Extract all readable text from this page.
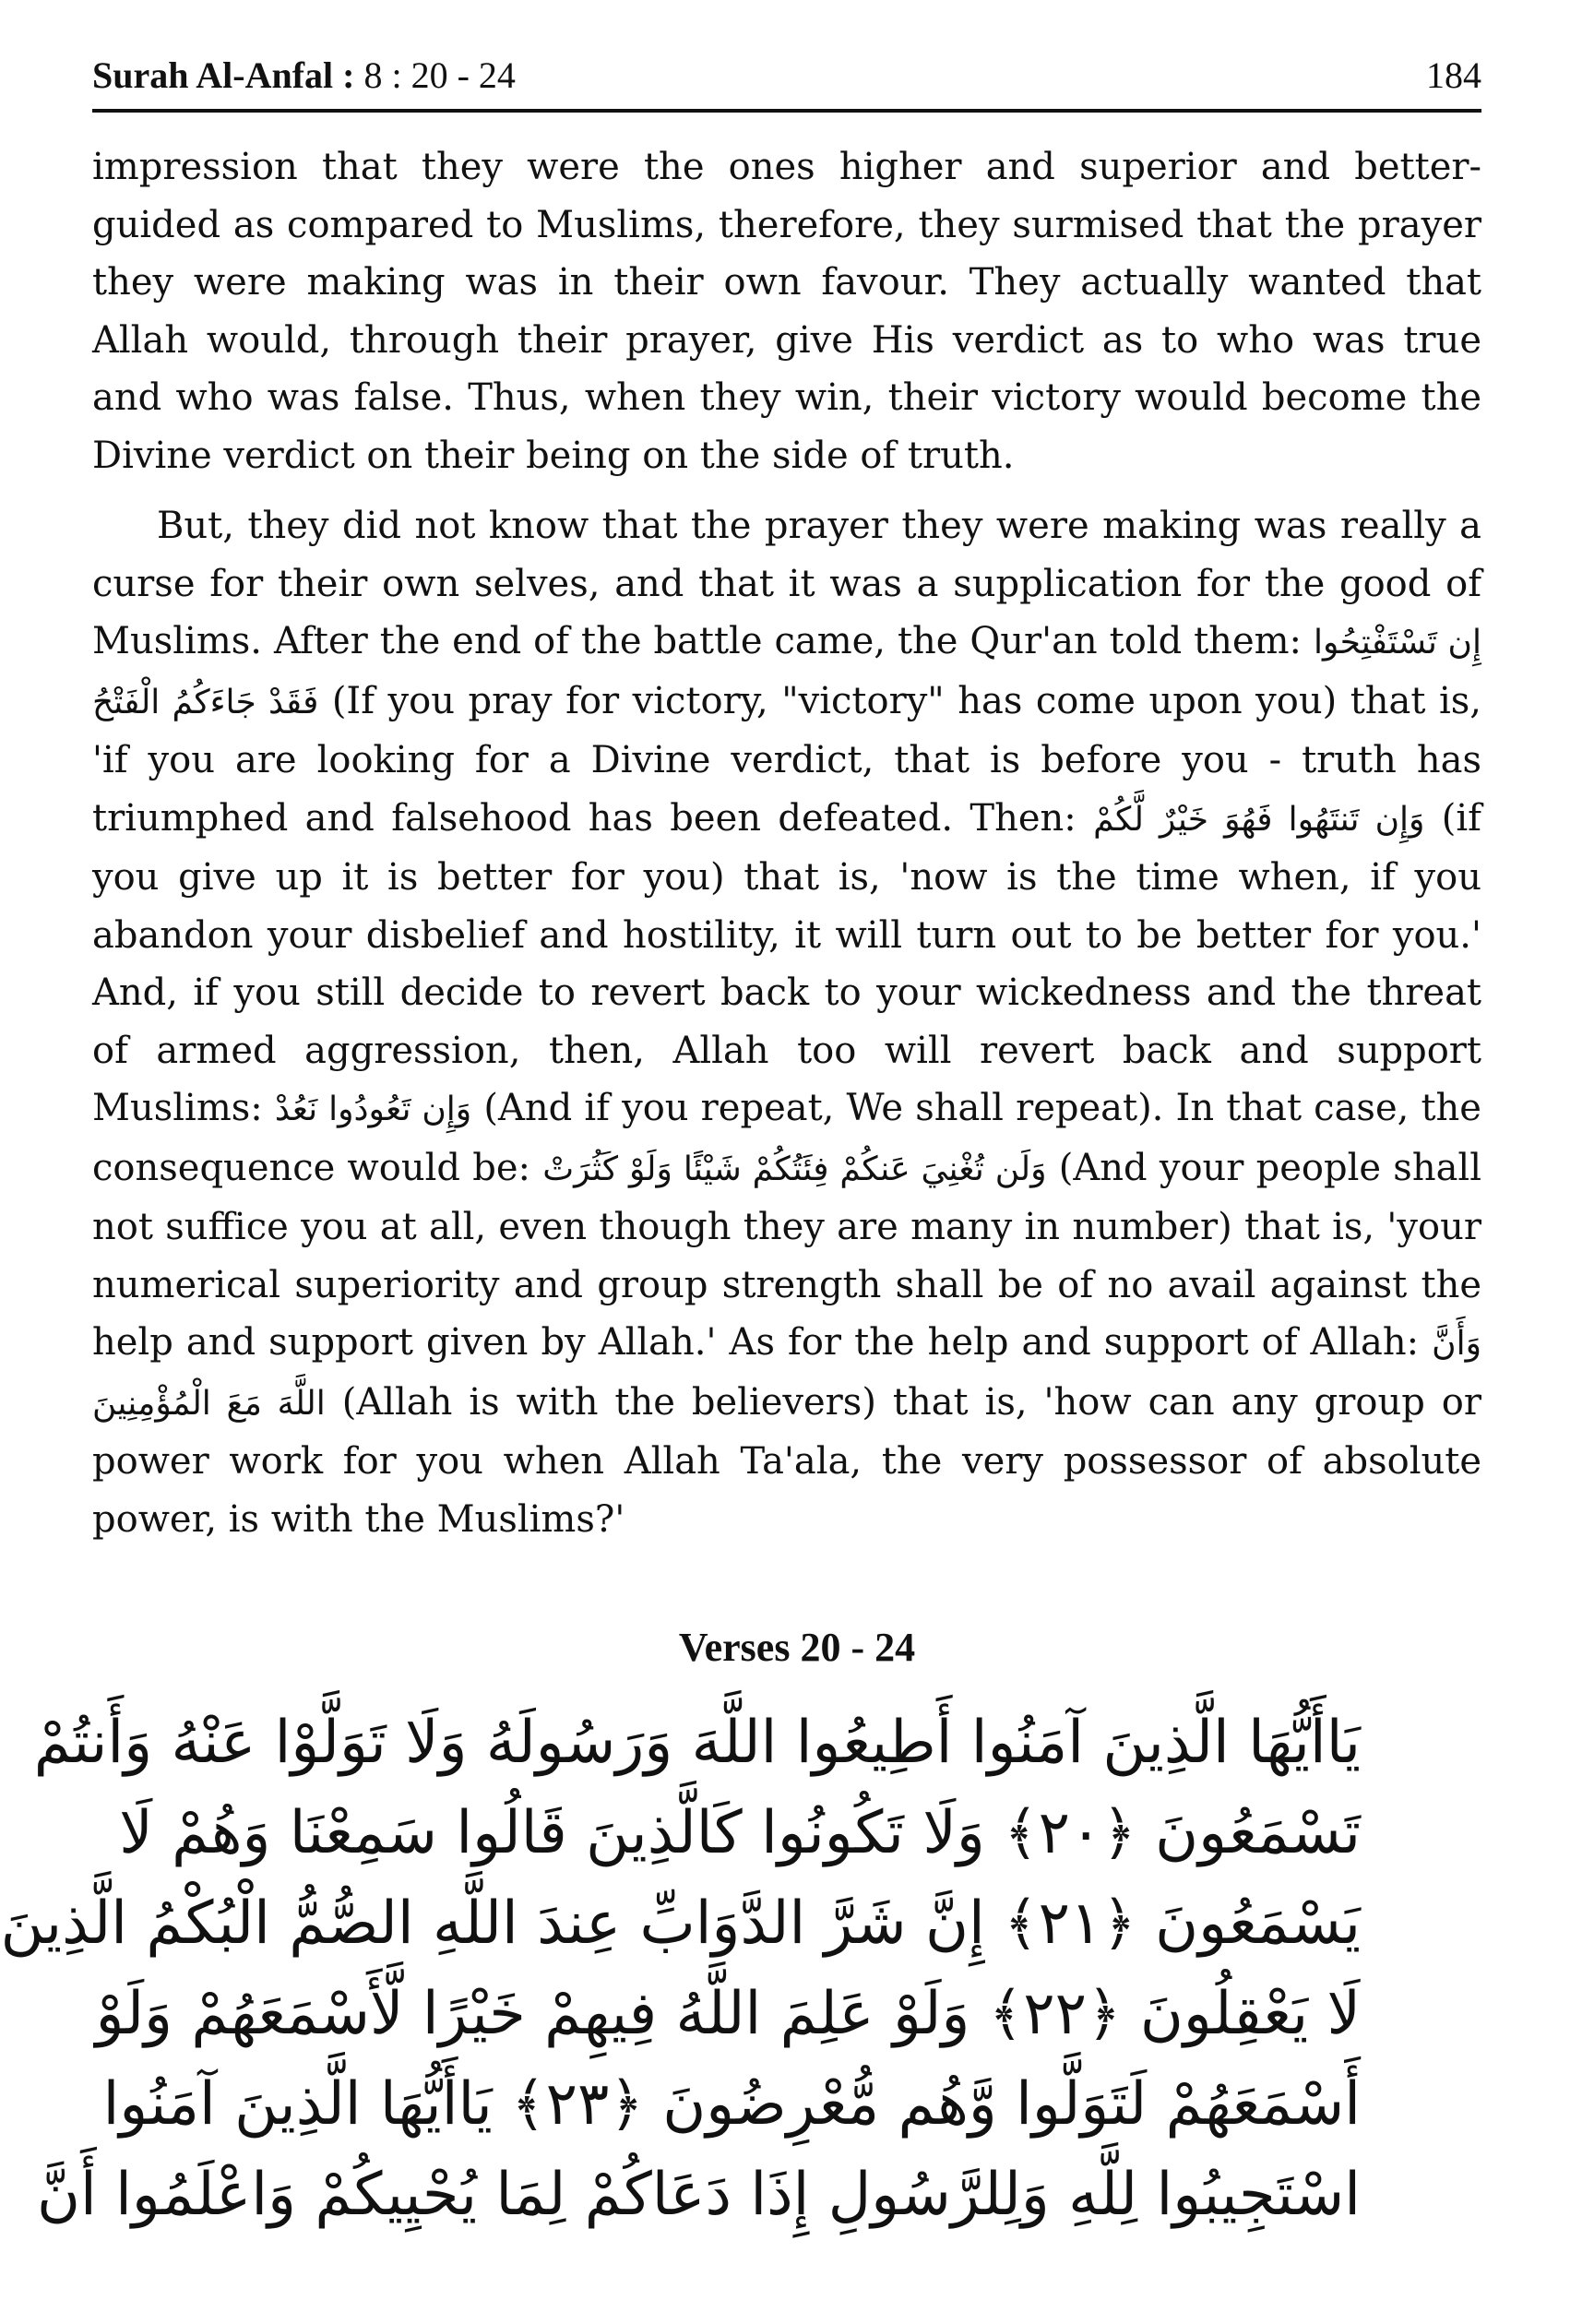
Surah Al-Anfal : 8 : 20 - 24	184

impression that they were the ones higher and superior and better-guided as compared to Muslims, therefore, they surmised that the prayer they were making was in their own favour. They actually wanted that Allah would, through their prayer, give His verdict as to who was true and who was false. Thus, when they win, their victory would become the Divine verdict on their being on the side of truth.

But, they did not know that the prayer they were making was really a curse for their own selves, and that it was a supplication for the good of Muslims. After the end of the battle came, the Qur'an told them: إِن تَسْتَفْتِحُوا فَقَدْ جَاءَكُمُ الْفَتْحُ (If you pray for victory, "victory" has come upon you) that is, 'if you are looking for a Divine verdict, that is before you - truth has triumphed and falsehood has been defeated. Then: وَإِن تَنتَهُوا فَهُوَ خَيْرٌ لَّكُمْ (if you give up it is better for you) that is, 'now is the time when, if you abandon your disbelief and hostility, it will turn out to be better for you.' And, if you still decide to revert back to your wickedness and the threat of armed aggression, then, Allah too will revert back and support Muslims: وَإِن تَعُودُوا نَعُدْ (And if you repeat, We shall repeat). In that case, the consequence would be: وَلَن تُغْنِيَ عَنكُمْ فِئَتُكُمْ شَيْئًا وَلَوْ كَثُرَتْ (And your people shall not suffice you at all, even though they are many in number) that is, 'your numerical superiority and group strength shall be of no avail against the help and support given by Allah.' As for the help and support of Allah: وَأَنَّ اللَّهَ مَعَ الْمُؤْمِنِينَ (Allah is with the believers) that is, 'how can any group or power work for you when Allah Ta'ala, the very possessor of absolute power, is with the Muslims?'

Verses 20 - 24
يَاأَيُّهَا الَّذِينَ آمَنُوا أَطِيعُوا اللَّهَ وَرَسُولَهُ وَلَا تَوَلَّوْا عَنْهُ وَأَنتُمْ
تَسْمَعُونَ ﴿٢٠﴾ وَلَا تَكُونُوا كَالَّذِينَ قَالُوا سَمِعْنَا وَهُمْ لَا
يَسْمَعُونَ ﴿٢١﴾ إِنَّ شَرَّ الدَّوَابِّ عِندَ اللَّهِ الصُّمُّ الْبُكْمُ الَّذِينَ
لَا يَعْقِلُونَ ﴿٢٢﴾ وَلَوْ عَلِمَ اللَّهُ فِيهِمْ خَيْرًا لَّأَسْمَعَهُمْ وَلَوْ
أَسْمَعَهُمْ لَتَوَلَّوا وَّهُم مُّعْرِضُونَ ﴿٢٣﴾ يَاأَيُّهَا الَّذِينَ آمَنُوا
اسْتَجِيبُوا لِلَّهِ وَلِلرَّسُولِ إِذَا دَعَاكُمْ لِمَا يُحْيِيكُمْ وَاعْلَمُوا أَنَّ
